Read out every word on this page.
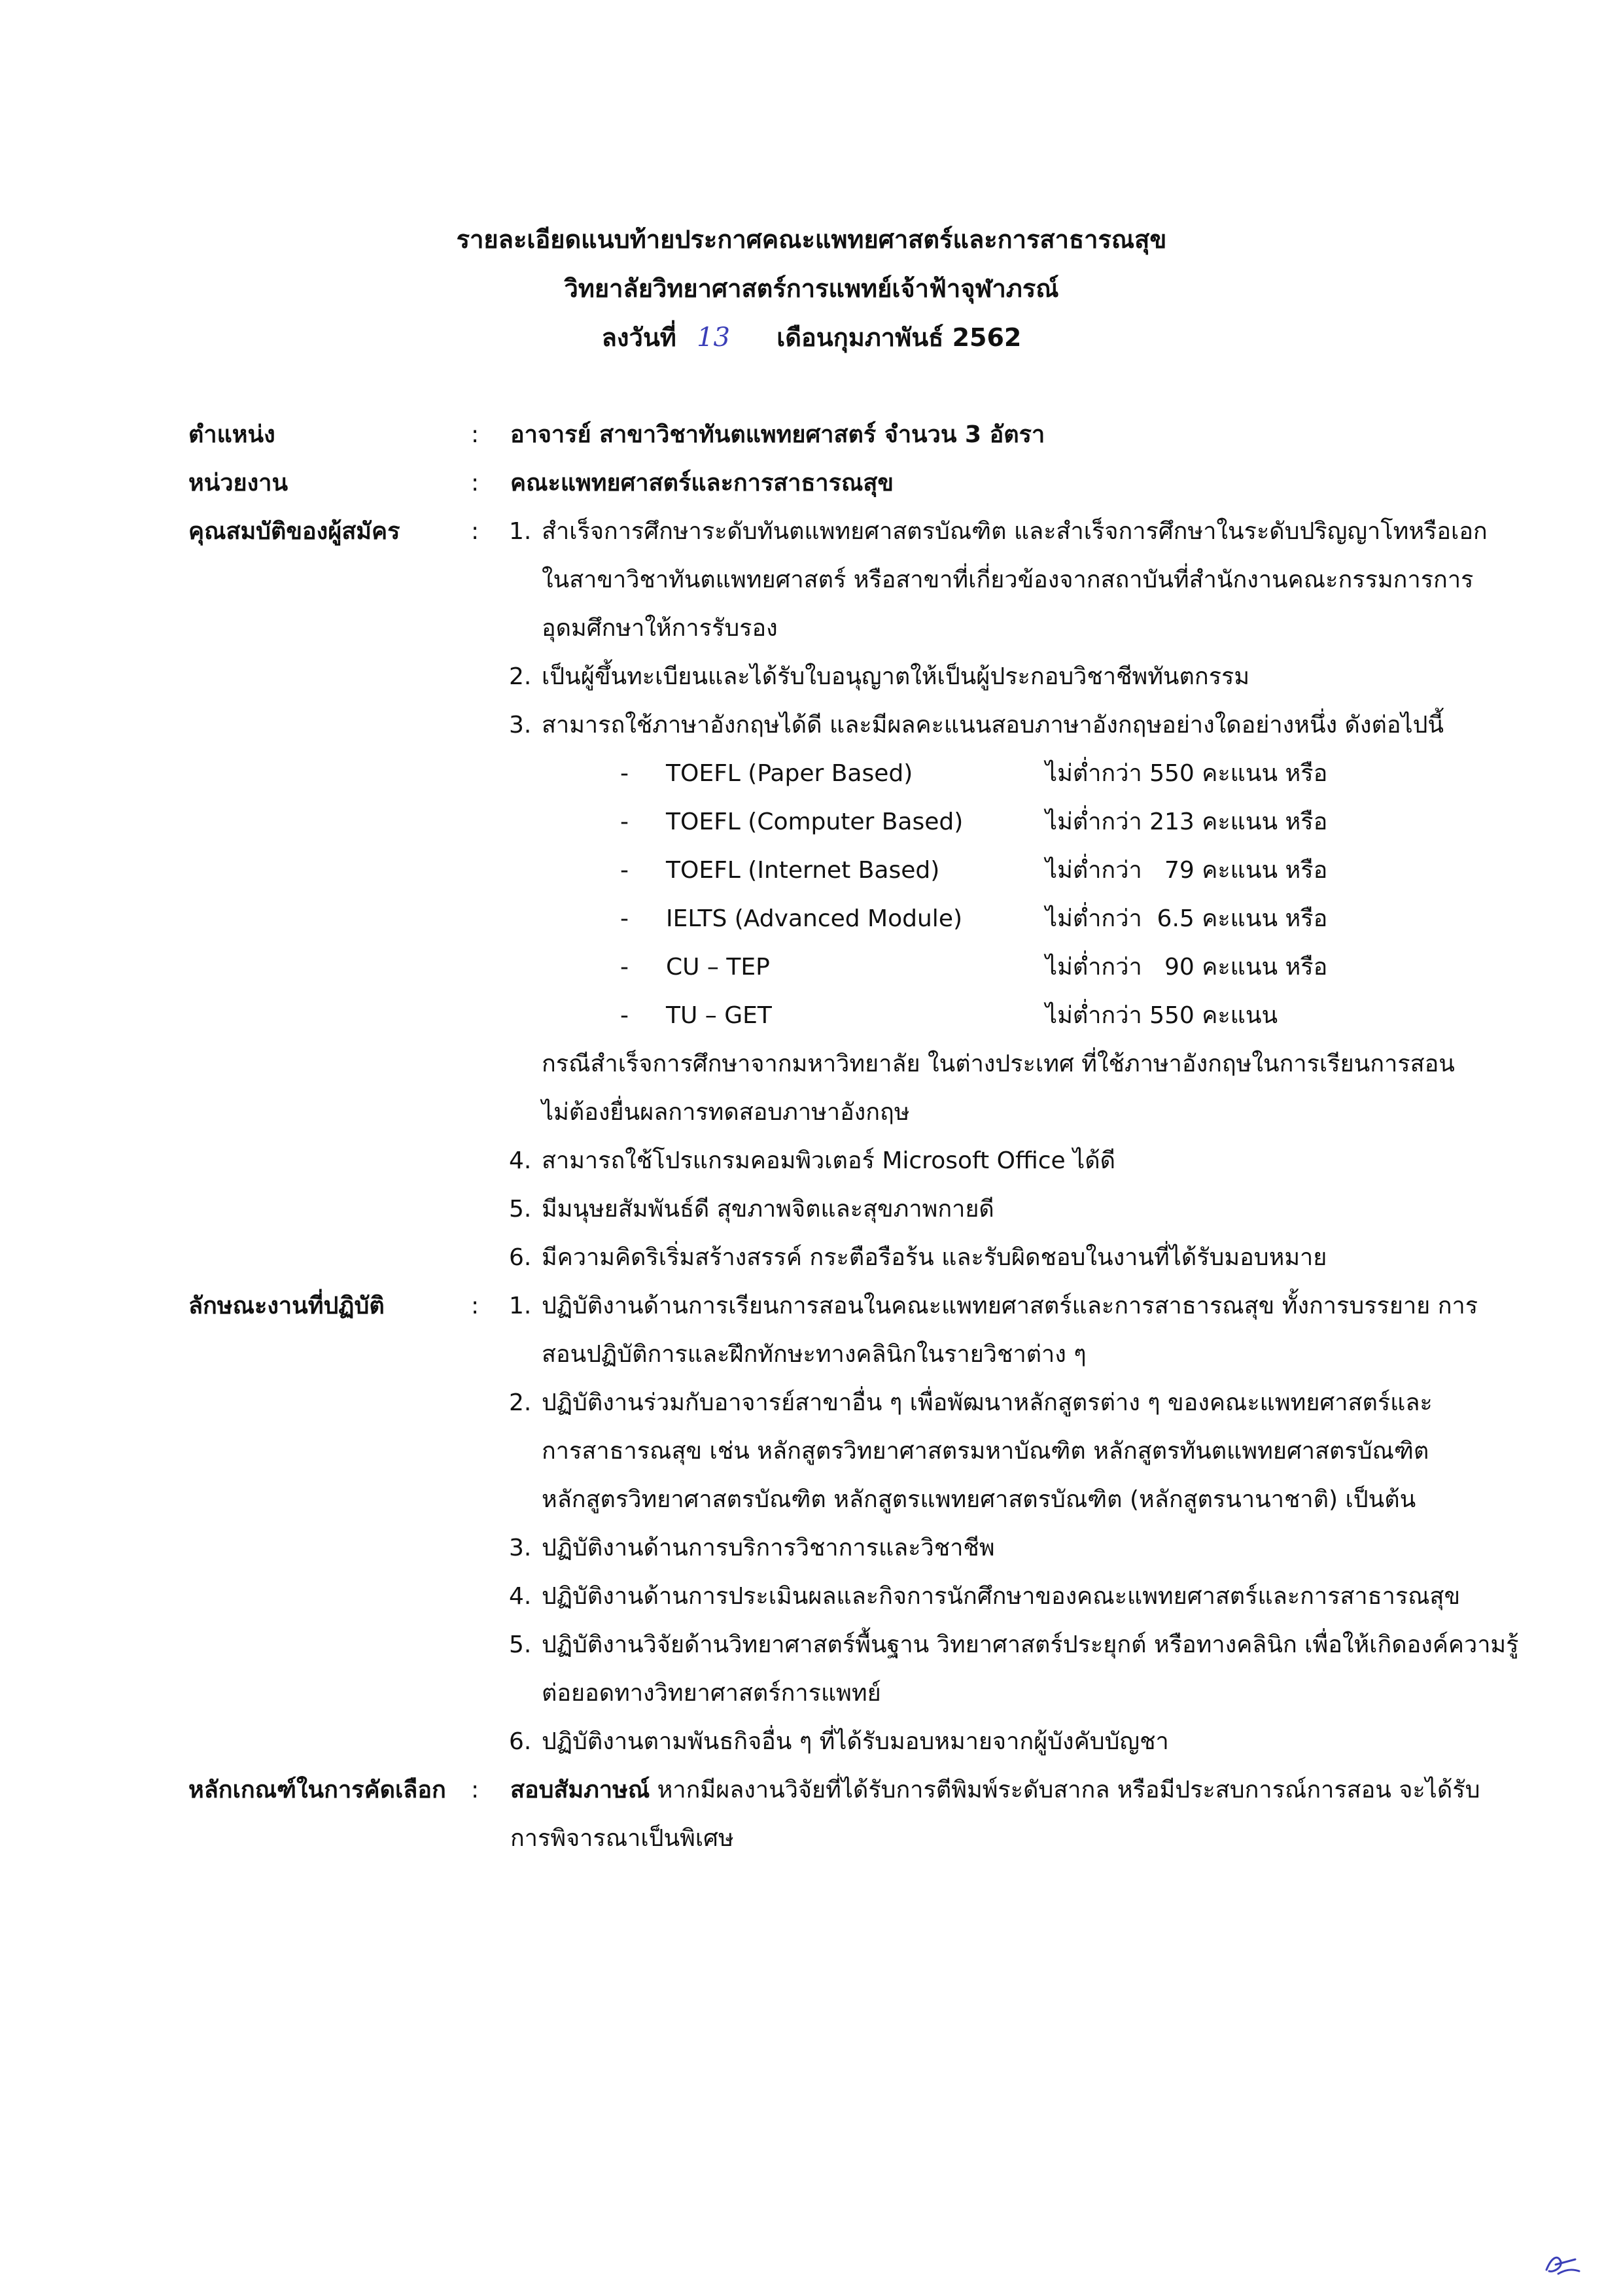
รายละเอียดแนบท้ายประกาศคณะแพทยศาสตร์และการสาธารณสุข
วิทยาลัยวิทยาศาสตร์การแพทย์เจ้าฟ้าจุฬาภรณ์
ลงวันที่ 13 เดือนกุมภาพันธ์ 2562
ตำแหน่ง	: อาจารย์ สาขาวิชาทันตแพทยศาสตร์ จำนวน 3 อัตรา
หน่วยงาน	: คณะแพทยศาสตร์และการสาธารณสุข
คุณสมบัติของผู้สมัคร	: 1. สำเร็จการศึกษาระดับทันตแพทยศาสตรบัณฑิต และสำเร็จการศึกษาในระดับปริญญาโทหรือเอก
ในสาขาวิชาทันตแพทยศาสตร์ หรือสาขาที่เกี่ยวข้องจากสถาบันที่สำนักงานคณะกรรมการการ
อุดมศึกษาให้การรับรอง
2. เป็นผู้ขึ้นทะเบียนและได้รับใบอนุญาตให้เป็นผู้ประกอบวิชาชีพทันตกรรม
3. สามารถใช้ภาษาอังกฤษได้ดี และมีผลคะแนนสอบภาษาอังกฤษอย่างใดอย่างหนึ่ง ดังต่อไปนี้
- TOEFL (Paper Based)	ไม่ต่ำกว่า 550 คะแนน หรือ
- TOEFL (Computer Based)	ไม่ต่ำกว่า 213 คะแนน หรือ
- TOEFL (Internet Based)	ไม่ต่ำกว่า   79 คะแนน หรือ
- IELTS (Advanced Module)	ไม่ต่ำกว่า  6.5 คะแนน หรือ
- CU – TEP	ไม่ต่ำกว่า   90 คะแนน หรือ
- TU – GET	ไม่ต่ำกว่า 550 คะแนน
กรณีสำเร็จการศึกษาจากมหาวิทยาลัย ในต่างประเทศ ที่ใช้ภาษาอังกฤษในการเรียนการสอน
ไม่ต้องยื่นผลการทดสอบภาษาอังกฤษ
4. สามารถใช้โปรแกรมคอมพิวเตอร์ Microsoft Office ได้ดี
5. มีมนุษยสัมพันธ์ดี สุขภาพจิตและสุขภาพกายดี
6. มีความคิดริเริ่มสร้างสรรค์ กระตือรือร้น และรับผิดชอบในงานที่ได้รับมอบหมาย
ลักษณะงานที่ปฏิบัติ	: 1. ปฏิบัติงานด้านการเรียนการสอนในคณะแพทยศาสตร์และการสาธารณสุข ทั้งการบรรยาย การ
สอนปฏิบัติการและฝึกทักษะทางคลินิกในรายวิชาต่าง ๆ
2. ปฏิบัติงานร่วมกับอาจารย์สาขาอื่น ๆ เพื่อพัฒนาหลักสูตรต่าง ๆ ของคณะแพทยศาสตร์และ
การสาธารณสุข เช่น หลักสูตรวิทยาศาสตรมหาบัณฑิต หลักสูตรทันตแพทยศาสตรบัณฑิต
หลักสูตรวิทยาศาสตรบัณฑิต หลักสูตรแพทยศาสตรบัณฑิต (หลักสูตรนานาชาติ) เป็นต้น
3. ปฏิบัติงานด้านการบริการวิชาการและวิชาชีพ
4. ปฏิบัติงานด้านการประเมินผลและกิจการนักศึกษาของคณะแพทยศาสตร์และการสาธารณสุข
5. ปฏิบัติงานวิจัยด้านวิทยาศาสตร์พื้นฐาน วิทยาศาสตร์ประยุกต์ หรือทางคลินิก เพื่อให้เกิดองค์ความรู้
ต่อยอดทางวิทยาศาสตร์การแพทย์
6. ปฏิบัติงานตามพันธกิจอื่น ๆ ที่ได้รับมอบหมายจากผู้บังคับบัญชา
หลักเกณฑ์ในการคัดเลือก : สอบสัมภาษณ์ หากมีผลงานวิจัยที่ได้รับการตีพิมพ์ระดับสากล หรือมีประสบการณ์การสอน จะได้รับ
การพิจารณาเป็นพิเศษ
